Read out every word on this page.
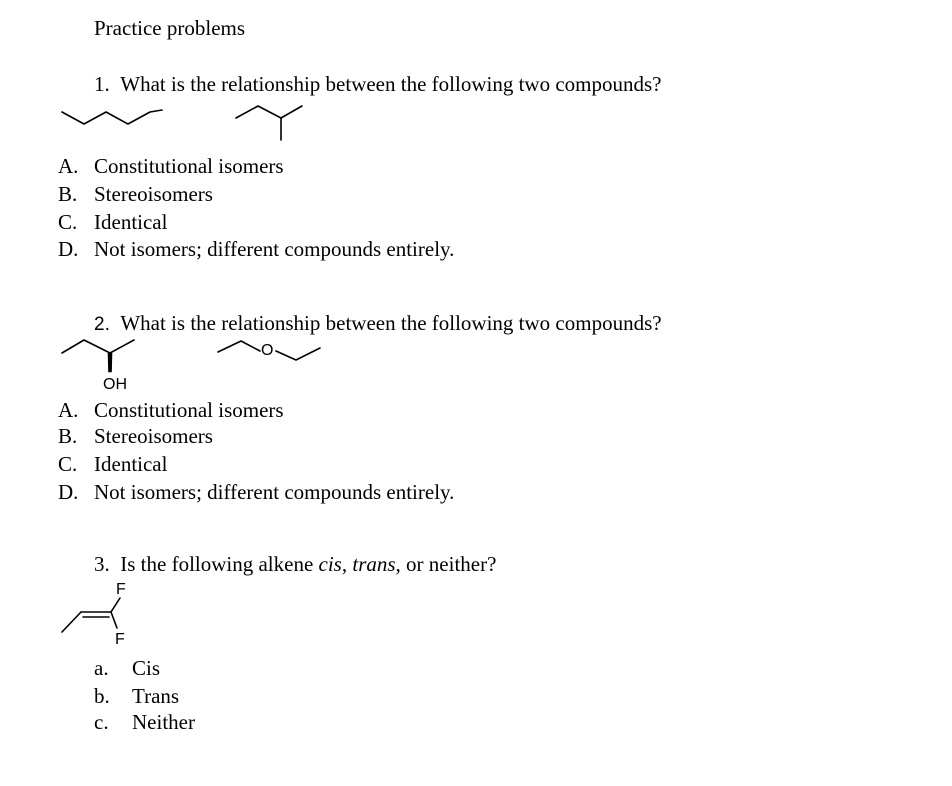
Practice problems
1. What is the relationship between the following two compounds?
A. Constitutional isomers
B. Stereoisomers
C. Identical
D. Not isomers; different compounds entirely.
2. What is the relationship between the following two compounds?
OH
O
A. Constitutional isomers
B. Stereoisomers
C. Identical
D. Not isomers; different compounds entirely.
3. Is the following alkene cis, trans, or neither?
F
F
a. Cis
b. Trans
c. Neither
